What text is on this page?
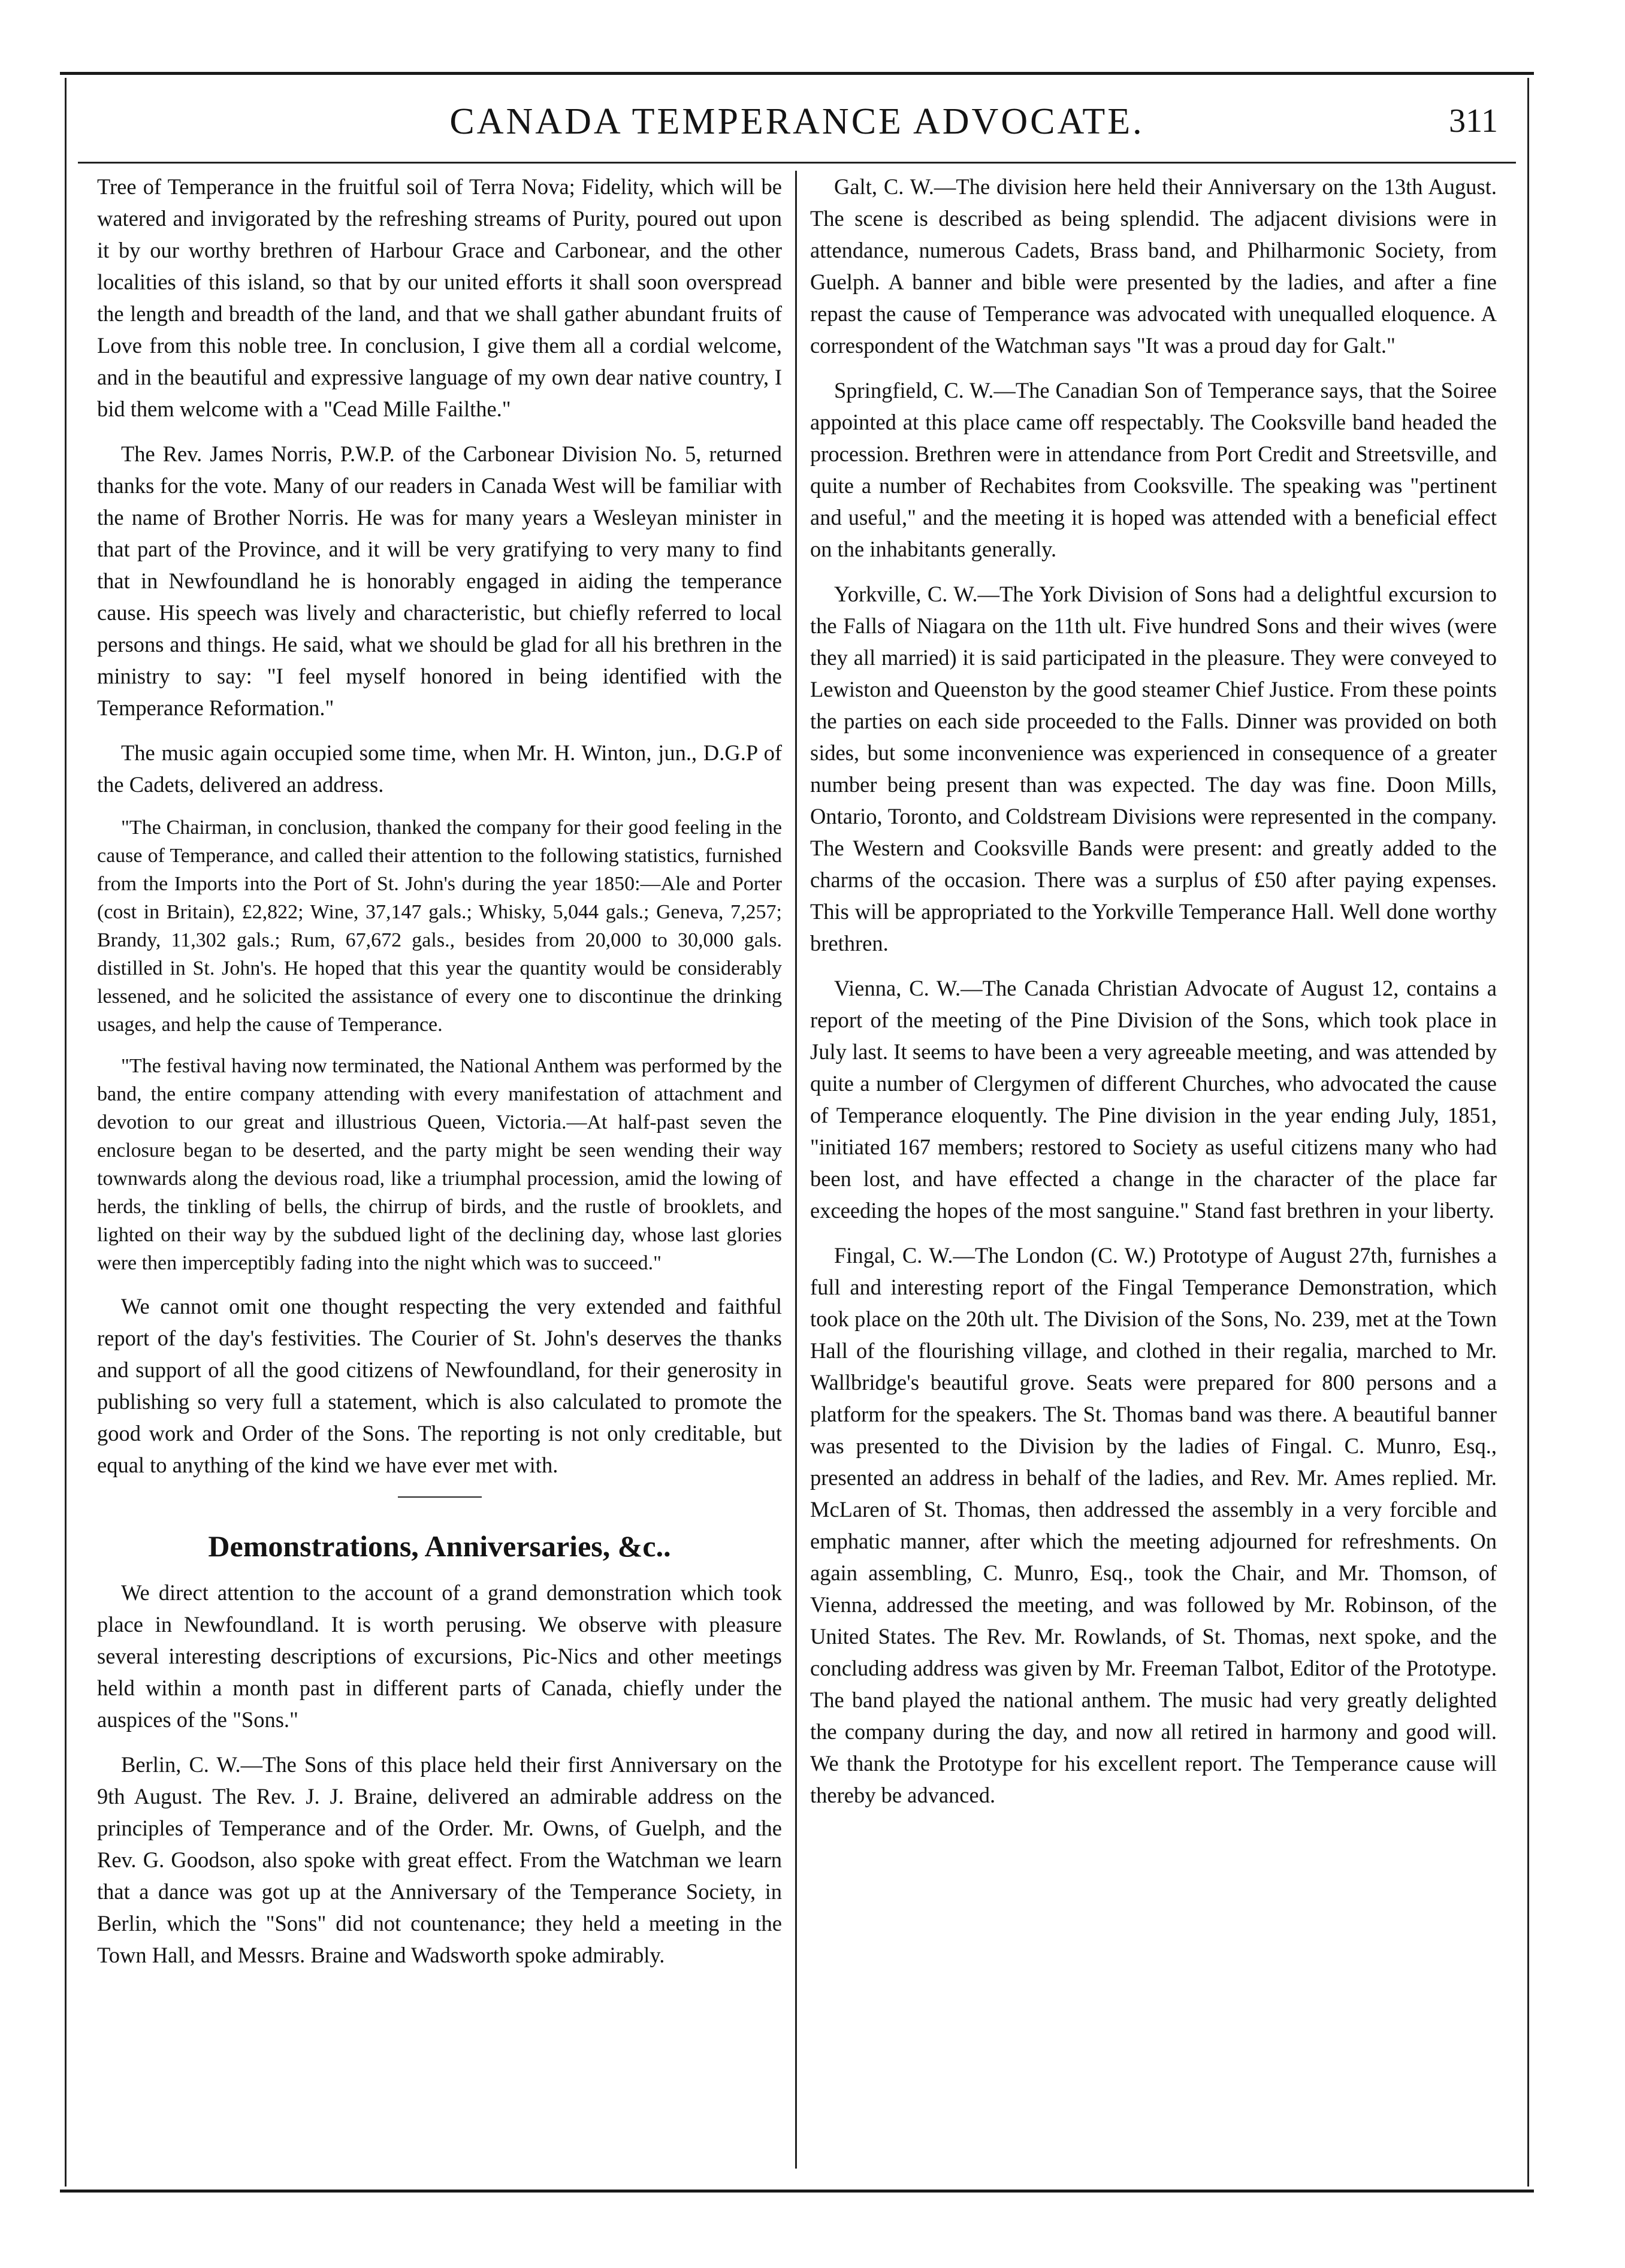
CANADA TEMPERANCE ADVOCATE.	311

Tree of Temperance in the fruitful soil of Terra Nova; Fidelity, which will be watered and invigorated by the refreshing streams of Purity, poured out upon it by our worthy brethren of Harbour Grace and Carbonear, and the other localities of this island, so that by our united efforts it shall soon overspread the length and breadth of the land, and that we shall gather abundant fruits of Love from this noble tree. In conclusion, I give them all a cordial welcome, and in the beautiful and expressive language of my own dear native country, I bid them welcome with a "Cead Mille Failthe."

The Rev. James Norris, P.W.P. of the Carbonear Division No. 5, returned thanks for the vote. Many of our readers in Canada West will be familiar with the name of Brother Norris. He was for many years a Wesleyan minister in that part of the Province, and it will be very gratifying to very many to find that in Newfoundland he is honorably engaged in aiding the temperance cause. His speech was lively and characteristic, but chiefly referred to local persons and things. He said, what we should be glad for all his brethren in the ministry to say: "I feel myself honored in being identified with the Temperance Reformation."

The music again occupied some time, when Mr. H. Winton, jun., D.G.P of the Cadets, delivered an address.

"The Chairman, in conclusion, thanked the company for their good feeling in the cause of Temperance, and called their attention to the following statistics, furnished from the Imports into the Port of St. John's during the year 1850:—Ale and Porter (cost in Britain), £2,822; Wine, 37,147 gals.; Whisky, 5,044 gals.; Geneva, 7,257; Brandy, 11,302 gals.; Rum, 67,672 gals., besides from 20,000 to 30,000 gals. distilled in St. John's. He hoped that this year the quantity would be considerably lessened, and he solicited the assistance of every one to discontinue the drinking usages, and help the cause of Temperance.

"The festival having now terminated, the National Anthem was performed by the band, the entire company attending with every manifestation of attachment and devotion to our great and illustrious Queen, Victoria.—At half-past seven the enclosure began to be deserted, and the party might be seen wending their way townwards along the devious road, like a triumphal procession, amid the lowing of herds, the tinkling of bells, the chirrup of birds, and the rustle of brooklets, and lighted on their way by the subdued light of the declining day, whose last glories were then imperceptibly fading into the night which was to succeed."

We cannot omit one thought respecting the very extended and faithful report of the day's festivities. The Courier of St. John's deserves the thanks and support of all the good citizens of Newfoundland, for their generosity in publishing so very full a statement, which is also calculated to promote the good work and Order of the Sons. The reporting is not only creditable, but equal to anything of the kind we have ever met with.

Demonstrations, Anniversaries, &c..

We direct attention to the account of a grand demonstration which took place in Newfoundland. It is worth perusing. We observe with pleasure several interesting descriptions of excursions, Pic-Nics and other meetings held within a month past in different parts of Canada, chiefly under the auspices of the "Sons."

Berlin, C. W.—The Sons of this place held their first Anniversary on the 9th August. The Rev. J. J. Braine, delivered an admirable address on the principles of Temperance and of the Order. Mr. Owns, of Guelph, and the Rev. G. Goodson, also spoke with great effect. From the Watchman we learn that a dance was got up at the Anniversary of the Temperance Society, in Berlin, which the "Sons" did not countenance; they held a meeting in the Town Hall, and Messrs. Braine and Wadsworth spoke admirably.

Galt, C. W.—The division here held their Anniversary on the 13th August. The scene is described as being splendid. The adjacent divisions were in attendance, numerous Cadets, Brass band, and Philharmonic Society, from Guelph. A banner and bible were presented by the ladies, and after a fine repast the cause of Temperance was advocated with unequalled eloquence. A correspondent of the Watchman says "It was a proud day for Galt."

Springfield, C. W.—The Canadian Son of Temperance says, that the Soiree appointed at this place came off respectably. The Cooksville band headed the procession. Brethren were in attendance from Port Credit and Streetsville, and quite a number of Rechabites from Cooksville. The speaking was "pertinent and useful," and the meeting it is hoped was attended with a beneficial effect on the inhabitants generally.

Yorkville, C. W.—The York Division of Sons had a delightful excursion to the Falls of Niagara on the 11th ult. Five hundred Sons and their wives (were they all married) it is said participated in the pleasure. They were conveyed to Lewiston and Queenston by the good steamer Chief Justice. From these points the parties on each side proceeded to the Falls. Dinner was provided on both sides, but some inconvenience was experienced in consequence of a greater number being present than was expected. The day was fine. Doon Mills, Ontario, Toronto, and Coldstream Divisions were represented in the company. The Western and Cooksville Bands were present: and greatly added to the charms of the occasion. There was a surplus of £50 after paying expenses. This will be appropriated to the Yorkville Temperance Hall. Well done worthy brethren.

Vienna, C. W.—The Canada Christian Advocate of August 12, contains a report of the meeting of the Pine Division of the Sons, which took place in July last. It seems to have been a very agreeable meeting, and was attended by quite a number of Clergymen of different Churches, who advocated the cause of Temperance eloquently. The Pine division in the year ending July, 1851, "initiated 167 members; restored to Society as useful citizens many who had been lost, and have effected a change in the character of the place far exceeding the hopes of the most sanguine." Stand fast brethren in your liberty.

Fingal, C. W.—The London (C. W.) Prototype of August 27th, furnishes a full and interesting report of the Fingal Temperance Demonstration, which took place on the 20th ult. The Division of the Sons, No. 239, met at the Town Hall of the flourishing village, and clothed in their regalia, marched to Mr. Wallbridge's beautiful grove. Seats were prepared for 800 persons and a platform for the speakers. The St. Thomas band was there. A beautiful banner was presented to the Division by the ladies of Fingal. C. Munro, Esq., presented an address in behalf of the ladies, and Rev. Mr. Ames replied. Mr. McLaren of St. Thomas, then addressed the assembly in a very forcible and emphatic manner, after which the meeting adjourned for refreshments. On again assembling, C. Munro, Esq., took the Chair, and Mr. Thomson, of Vienna, addressed the meeting, and was followed by Mr. Robinson, of the United States. The Rev. Mr. Rowlands, of St. Thomas, next spoke, and the concluding address was given by Mr. Freeman Talbot, Editor of the Prototype. The band played the national anthem. The music had very greatly delighted the company during the day, and now all retired in harmony and good will. We thank the Prototype for his excellent report. The Temperance cause will thereby be advanced.
